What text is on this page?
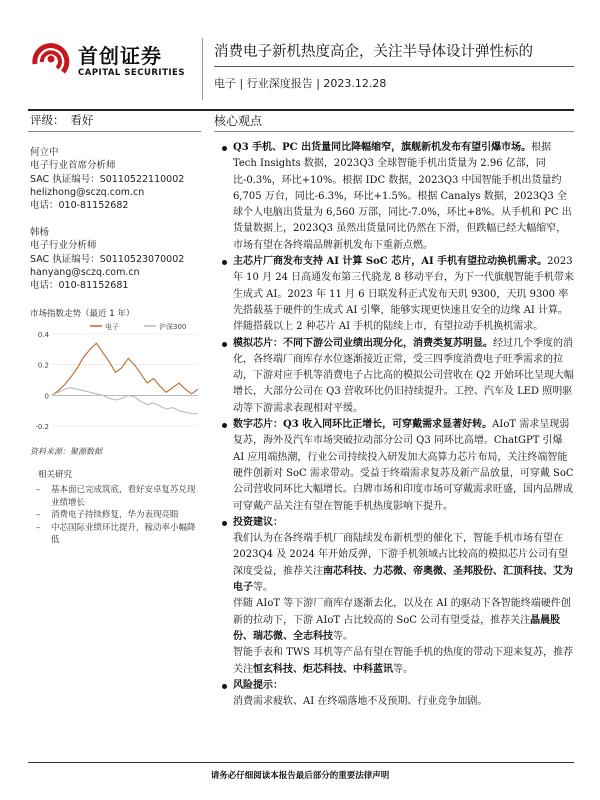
首创证券
CAPITAL SECURITIES
消费电子新机热度高企，关注半导体设计弹性标的
电子 | 行业深度报告 | 2023.12.28
评级： 看好	核心观点
何立中
电子行业首席分析师
SAC 执证编号：S0110522110002
helizhong@sczq.com.cn
电话：010-81152682
韩杨
电子行业分析师
SAC 执证编号：S0110523070002
hanyang@sczq.com.cn
电话：010-81152681
市场指数走势（最近 1 年）
0.4
0.2
0
-0.2
电子	沪深300
资料来源：聚源数据
相关研究
– 基本面已完成筑底，看好安卓复苏兑现业绩增长
– 消费电子持续修复，华为表现亮眼
– 中芯国际业绩环比提升，稼动率小幅降低
Q3 手机、PC 出货量同比降幅缩窄，旗舰新机发布有望引爆市场。根据 Tech Insights 数据，2023Q3 全球智能手机出货量为 2.96 亿部，同比-0.3%，环比+10%。根据 IDC 数据，2023Q3 中国智能手机出货量约 6,705 万台，同比-6.3%，环比+1.5%。根据 Canalys 数据，2023Q3 全球个人电脑出货量为 6,560 万部，同比-7.0%，环比+8%。从手机和 PC 出货量数据上，2023Q3 虽然出货量同比仍然在下滑，但跌幅已经大幅缩窄，市场有望在各终端品牌新机发布下重新点燃。
主芯片厂商发布支持 AI 计算 SoC 芯片，AI 手机有望拉动换机需求。2023 年 10 月 24 日高通发布第三代骁龙 8 移动平台，为下一代旗舰智能手机带来生成式 AI。2023 年 11 月 6 日联发科正式发布天玑 9300，天玑 9300 率先搭载基于硬件的生成式 AI 引擎，能够实现更快速且安全的边缘 AI 计算。伴随搭载以上 2 种芯片 AI 手机的陆续上市，有望拉动手机换机需求。
模拟芯片：不同下游公司业绩出现分化，消费类复苏明显。经过几个季度的消化，各终端厂商库存水位逐渐接近正常，受三四季度消费电子旺季需求的拉动，下游对应手机等消费电子占比高的模拟公司营收在 Q2 开始环比呈现大幅增长，大部分公司在 Q3 营收环比仍旧持续提升。工控、汽车及 LED 照明驱动等下游需求表现相对平缓。
数字芯片：Q3 收入同环比正增长，可穿戴需求显著好转。AIoT 需求呈现弱复苏，海外及汽车市场突破拉动部分公司 Q3 同环比高增。ChatGPT 引爆 AI 应用端热潮，行业公司持续投入研发加大高算力芯片布局，关注终端智能硬件创新对 SoC 需求带动。受益于终端需求复苏及新产品放量，可穿戴 SoC 公司营收同环比大幅增长。白牌市场和印度市场可穿戴需求旺盛，国内品牌成可穿戴产品关注有望在智能手机热度影响下提升。
投资建议：
我们认为在各终端手机厂商陆续发布新机型的催化下，智能手机市场有望在 2023Q4 及 2024 年开始反弹，下游手机领域占比较高的模拟芯片公司有望深度受益，推荐关注南芯科技、力芯微、帝奥微、圣邦股份、汇顶科技、艾为电子等。
伴随 AIoT 等下游厂商库存逐渐去化，以及在 AI 的驱动下各智能终端硬件创新的拉动下，下游 AIoT 占比较高的 SoC 公司有望受益，推荐关注晶晨股份、瑞芯微、全志科技等。
智能手表和 TWS 耳机等产品有望在智能手机的热度的带动下迎来复苏，推荐关注恒玄科技、炬芯科技、中科蓝讯等。
风险提示：
消费需求疲软、AI 在终端落地不及预期、行业竞争加剧。
请务必仔细阅读本报告最后部分的重要法律声明
